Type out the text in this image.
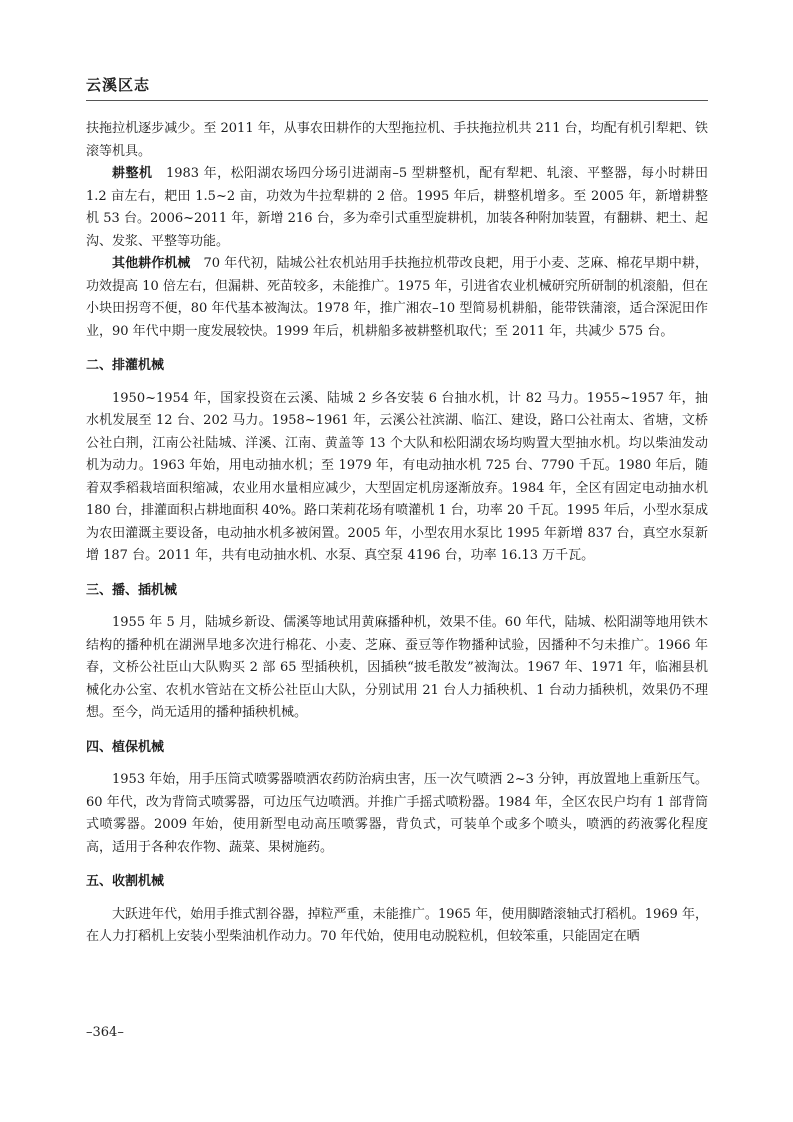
云溪区志

扶拖拉机逐步减少。至 2011 年，从事农田耕作的大型拖拉机、手扶拖拉机共 211 台，均配有机引犁耙、铁滚等机具。

耕整机　 1983 年，松阳湖农场四分场引进湖南–5 型耕整机，配有犁耙、轧滚、平整器，每小时耕田 1.2 亩左右，耙田 1.5~2 亩，功效为牛拉犁耕的 2 倍。1995 年后，耕整机增多。至 2005 年，新增耕整机 53 台。2006~2011 年，新增 216 台，多为牵引式重型旋耕机，加装各种附加装置，有翻耕、耙土、起沟、发浆、平整等功能。

其他耕作机械　 70 年代初，陆城公社农机站用手扶拖拉机带改良耙，用于小麦、芝麻、棉花早期中耕，功效提高 10 倍左右，但漏耕、死苗较多，未能推广。1975 年，引进省农业机械研究所研制的机滚船，但在小块田拐弯不便，80 年代基本被淘汰。1978 年，推广湘农–10 型简易机耕船，能带铁蒲滚，适合深泥田作业，90 年代中期一度发展较快。1999 年后，机耕船多被耕整机取代；至 2011 年，共减少 575 台。

二、排灌机械

1950~1954 年，国家投资在云溪、陆城 2 乡各安装 6 台抽水机，计 82 马力。1955~1957 年，抽水机发展至 12 台、202 马力。1958~1961 年，云溪公社滨湖、临江、建设，路口公社南太、省塘，文桥公社白荆，江南公社陆城、洋溪、江南、黄盖等 13 个大队和松阳湖农场均购置大型抽水机。均以柴油发动机为动力。1963 年始，用电动抽水机；至 1979 年，有电动抽水机 725 台、7790 千瓦。1980 年后，随着双季稻栽培面积缩减，农业用水量相应减少，大型固定机房逐渐放弃。1984 年，全区有固定电动抽水机 180 台，排灌面积占耕地面积 40%。路口茉莉花场有喷灌机 1 台，功率 20 千瓦。1995 年后，小型水泵成为农田灌溉主要设备，电动抽水机多被闲置。2005 年，小型农用水泵比 1995 年新增 837 台，真空水泵新增 187 台。2011 年，共有电动抽水机、水泵、真空泵 4196 台，功率 16.13 万千瓦。

三、播、插机械

1955 年 5 月，陆城乡新设、儒溪等地试用黄麻播种机，效果不佳。60 年代，陆城、松阳湖等地用铁木结构的播种机在湖洲旱地多次进行棉花、小麦、芝麻、蚕豆等作物播种试验，因播种不匀未推广。1966 年春，文桥公社臣山大队购买 2 部 65 型插秧机，因插秧“披毛散发”被淘汰。1967 年、1971 年，临湘县机械化办公室、农机水管站在文桥公社臣山大队，分别试用 21 台人力插秧机、1 台动力插秧机，效果仍不理想。至今，尚无适用的播种插秧机械。

四、植保机械

1953 年始，用手压筒式喷雾器喷洒农药防治病虫害，压一次气喷洒 2~3 分钟，再放置地上重新压气。60 年代，改为背筒式喷雾器，可边压气边喷洒。并推广手摇式喷粉器。1984 年，全区农民户均有 1 部背筒式喷雾器。2009 年始，使用新型电动高压喷雾器，背负式，可装单个或多个喷头，喷洒的药液雾化程度高，适用于各种农作物、蔬菜、果树施药。

五、收割机械

大跃进年代，始用手推式割谷器，掉粒严重，未能推广。1965 年，使用脚踏滚轴式打稻机。1969 年，在人力打稻机上安装小型柴油机作动力。70 年代始，使用电动脱粒机，但较笨重，只能固定在晒

–364–
